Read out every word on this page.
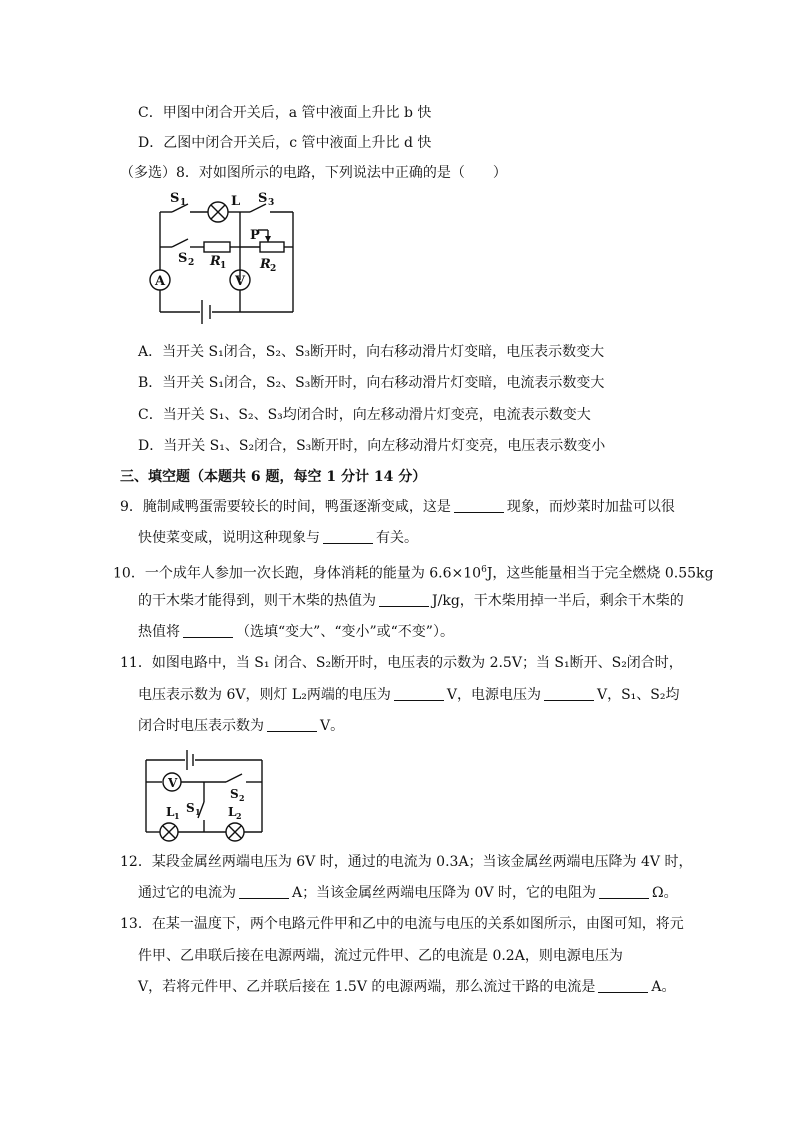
C．甲图中闭合开关后，a 管中液面上升比 b 快
D．乙图中闭合开关后，c 管中液面上升比 d 快
（多选）8．对如图所示的电路，下列说法中正确的是（　　）
S 1	L S 3
S 2 R 1
P
R 2
A	V
A．当开关 S₁闭合，S₂、S₃断开时，向右移动滑片灯变暗，电压表示数变大
B．当开关 S₁闭合，S₂、S₃断开时，向右移动滑片灯变暗，电流表示数变大
C．当开关 S₁、S₂、S₃均闭合时，向左移动滑片灯变亮，电流表示数变大
D．当开关 S₁、S₂闭合，S₃断开时，向左移动滑片灯变亮，电压表示数变小
三、填空题（本题共 6 题，每空 1 分计 14 分）
9．腌制咸鸭蛋需要较长的时间，鸭蛋逐渐变咸，这是	现象，而炒菜时加盐可以很
快使菜变咸，说明这种现象与	有关。
10．一个成年人参加一次长跑，身体消耗的能量为 $6.6\times 10^6J$，这些能量相当于完全燃烧 0.55kg
的干木柴才能得到，则干木柴的热值为	J/kg，干木柴用掉一半后，剩余干木柴的
热值将	（选填“变大”、“变小”或“不变”）。
11．如图电路中，当 S₁ 闭合、S₂断开时，电压表的示数为 2.5V；当 S₁断开、S₂闭合时，
电压表示数为 6V，则灯 L₂两端的电压为	V，电源电压为	V，S₁、S₂均
闭合时电压表示数为	V。
V
L 1
S 1
S 2
L 2
12．某段金属丝两端电压为 6V 时，通过的电流为 0.3A；当该金属丝两端电压降为 4V 时，
通过它的电流为	A；当该金属丝两端电压降为 0V 时，它的电阻为	Ω。
13．在某一温度下，两个电路元件甲和乙中的电流与电压的关系如图所示，由图可知，将元
件甲、乙串联后接在电源两端，流过元件甲、乙的电流是 0.2A，则电源电压为
V，若将元件甲、乙并联后接在 1.5V 的电源两端，那么流过干路的电流是	A。
